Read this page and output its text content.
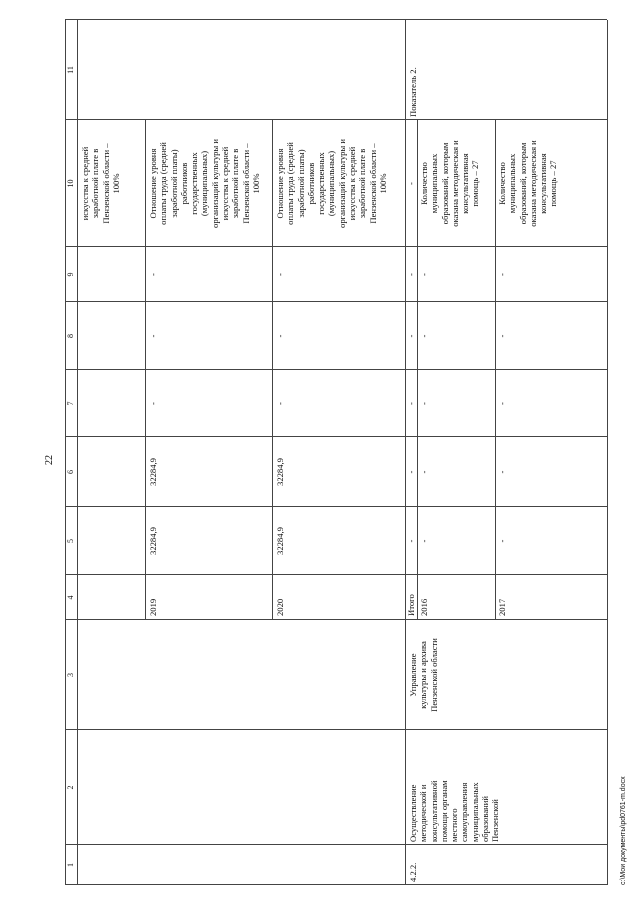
22
1
2
3
4
5
6
7
8
9
10
11
искусства к средней
заработной плате в
Пензенской области –
100%
2019
32284,9
32284,9
-
-
-
Отношение уровня
оплаты труда (средней
заработной платы)
работников
государственных
(муниципальных)
организаций культуры и
искусства к средней
заработной плате в
Пензенской области –
100%
2020
32284,9
32284,9
-
-
-
Отношение уровня
оплаты труда (средней
заработной платы)
работников
государственных
(муниципальных)
организаций культуры и
искусства к средней
заработной плате в
Пензенской области –
100%
4.2.2.
Осуществление
методической и
консультативной
помощи органам
местного
самоуправления
муниципальных
образований
Пензенской
Управление
культуры и архива
Пензенской области
Показатель 2.
Итого
-
-
-
-
-
-
2016
-
-
-
-
-
Количество
муниципальных
образований, которым
оказана методическая и
консультативная
помощь – 27
2017
-
-
-
-
-
Количество
муниципальных
образований, которым
оказана методическая и
консультативная
помощь – 27
c:\Мои документы\pd0761-m.docx
